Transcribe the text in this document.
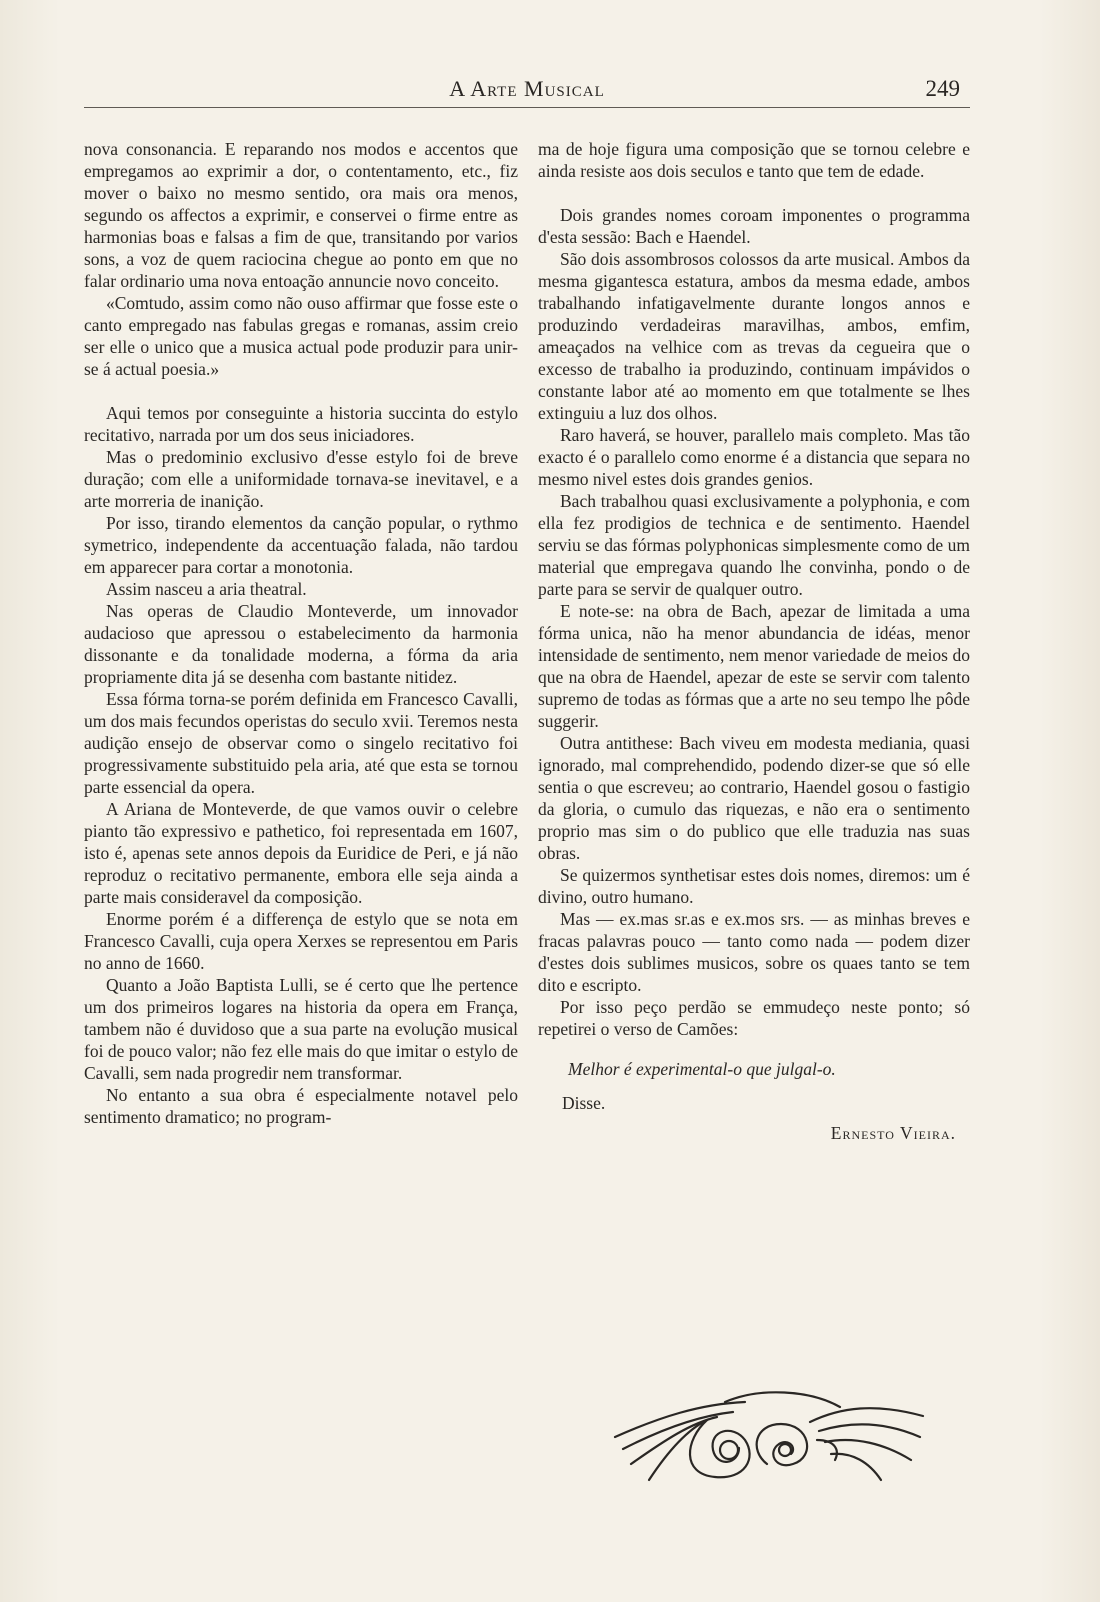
A Arte Musical	249

nova consonancia. E reparando nos modos e accentos que empregamos ao exprimir a dor, o contentamento, etc., fiz mover o baixo no mesmo sentido, ora mais ora menos, segundo os affectos a exprimir, e conservei o firme entre as harmonias boas e falsas a fim de que, transitando por varios sons, a voz de quem raciocina chegue ao ponto em que no falar ordinario uma nova entoação annuncie novo conceito.

«Comtudo, assim como não ouso affirmar que fosse este o canto empregado nas fabulas gregas e romanas, assim creio ser elle o unico que a musica actual pode produzir para unir-se á actual poesia.»

Aqui temos por conseguinte a historia succinta do estylo recitativo, narrada por um dos seus iniciadores.

Mas o predominio exclusivo d'esse estylo foi de breve duração; com elle a uniformidade tornava-se inevitavel, e a arte morreria de inanição.

Por isso, tirando elementos da canção popular, o rythmo symetrico, independente da accentuação falada, não tardou em apparecer para cortar a monotonia.

Assim nasceu a aria theatral.

Nas operas de Claudio Monteverde, um innovador audacioso que apressou o estabelecimento da harmonia dissonante e da tonalidade moderna, a fórma da aria propriamente dita já se desenha com bastante nitidez.

Essa fórma torna-se porém definida em Francesco Cavalli, um dos mais fecundos operistas do seculo xvii. Teremos nesta audição ensejo de observar como o singelo recitativo foi progressivamente substituido pela aria, até que esta se tornou parte essencial da opera.

A Ariana de Monteverde, de que vamos ouvir o celebre pianto tão expressivo e pathetico, foi representada em 1607, isto é, apenas sete annos depois da Euridice de Peri, e já não reproduz o recitativo permanente, embora elle seja ainda a parte mais consideravel da composição.

Enorme porém é a differença de estylo que se nota em Francesco Cavalli, cuja opera Xerxes se representou em Paris no anno de 1660.

Quanto a João Baptista Lulli, se é certo que lhe pertence um dos primeiros logares na historia da opera em França, tambem não é duvidoso que a sua parte na evolução musical foi de pouco valor; não fez elle mais do que imitar o estylo de Cavalli, sem nada progredir nem transformar.

No entanto a sua obra é especialmente notavel pelo sentimento dramatico; no program-

ma de hoje figura uma composição que se tornou celebre e ainda resiste aos dois seculos e tanto que tem de edade.

Dois grandes nomes coroam imponentes o programma d'esta sessão: Bach e Haendel.

São dois assombrosos colossos da arte musical. Ambos da mesma gigantesca estatura, ambos da mesma edade, ambos trabalhando infatigavelmente durante longos annos e produzindo verdadeiras maravilhas, ambos, emfim, ameaçados na velhice com as trevas da cegueira que o excesso de trabalho ia produzindo, continuam impávidos o constante labor até ao momento em que totalmente se lhes extinguiu a luz dos olhos.

Raro haverá, se houver, parallelo mais completo. Mas tão exacto é o parallelo como enorme é a distancia que separa no mesmo nivel estes dois grandes genios.

Bach trabalhou quasi exclusivamente a polyphonia, e com ella fez prodigios de technica e de sentimento. Haendel serviu se das fórmas polyphonicas simplesmente como de um material que empregava quando lhe convinha, pondo o de parte para se servir de qualquer outro.

E note-se: na obra de Bach, apezar de limitada a uma fórma unica, não ha menor abundancia de idéas, menor intensidade de sentimento, nem menor variedade de meios do que na obra de Haendel, apezar de este se servir com talento supremo de todas as fórmas que a arte no seu tempo lhe pôde suggerir.

Outra antithese: Bach viveu em modesta mediania, quasi ignorado, mal comprehendido, podendo dizer-se que só elle sentia o que escreveu; ao contrario, Haendel gosou o fastigio da gloria, o cumulo das riquezas, e não era o sentimento proprio mas sim o do publico que elle traduzia nas suas obras.

Se quizermos synthetisar estes dois nomes, diremos: um é divino, outro humano.

Mas — ex.mas sr.as e ex.mos srs. — as minhas breves e fracas palavras pouco — tanto como nada — podem dizer d'estes dois sublimes musicos, sobre os quaes tanto se tem dito e escripto.

Por isso peço perdão se emmudeço neste ponto; só repetirei o verso de Camões:

Melhor é experimental-o que julgal-o.

Disse.

Ernesto Vieira.
